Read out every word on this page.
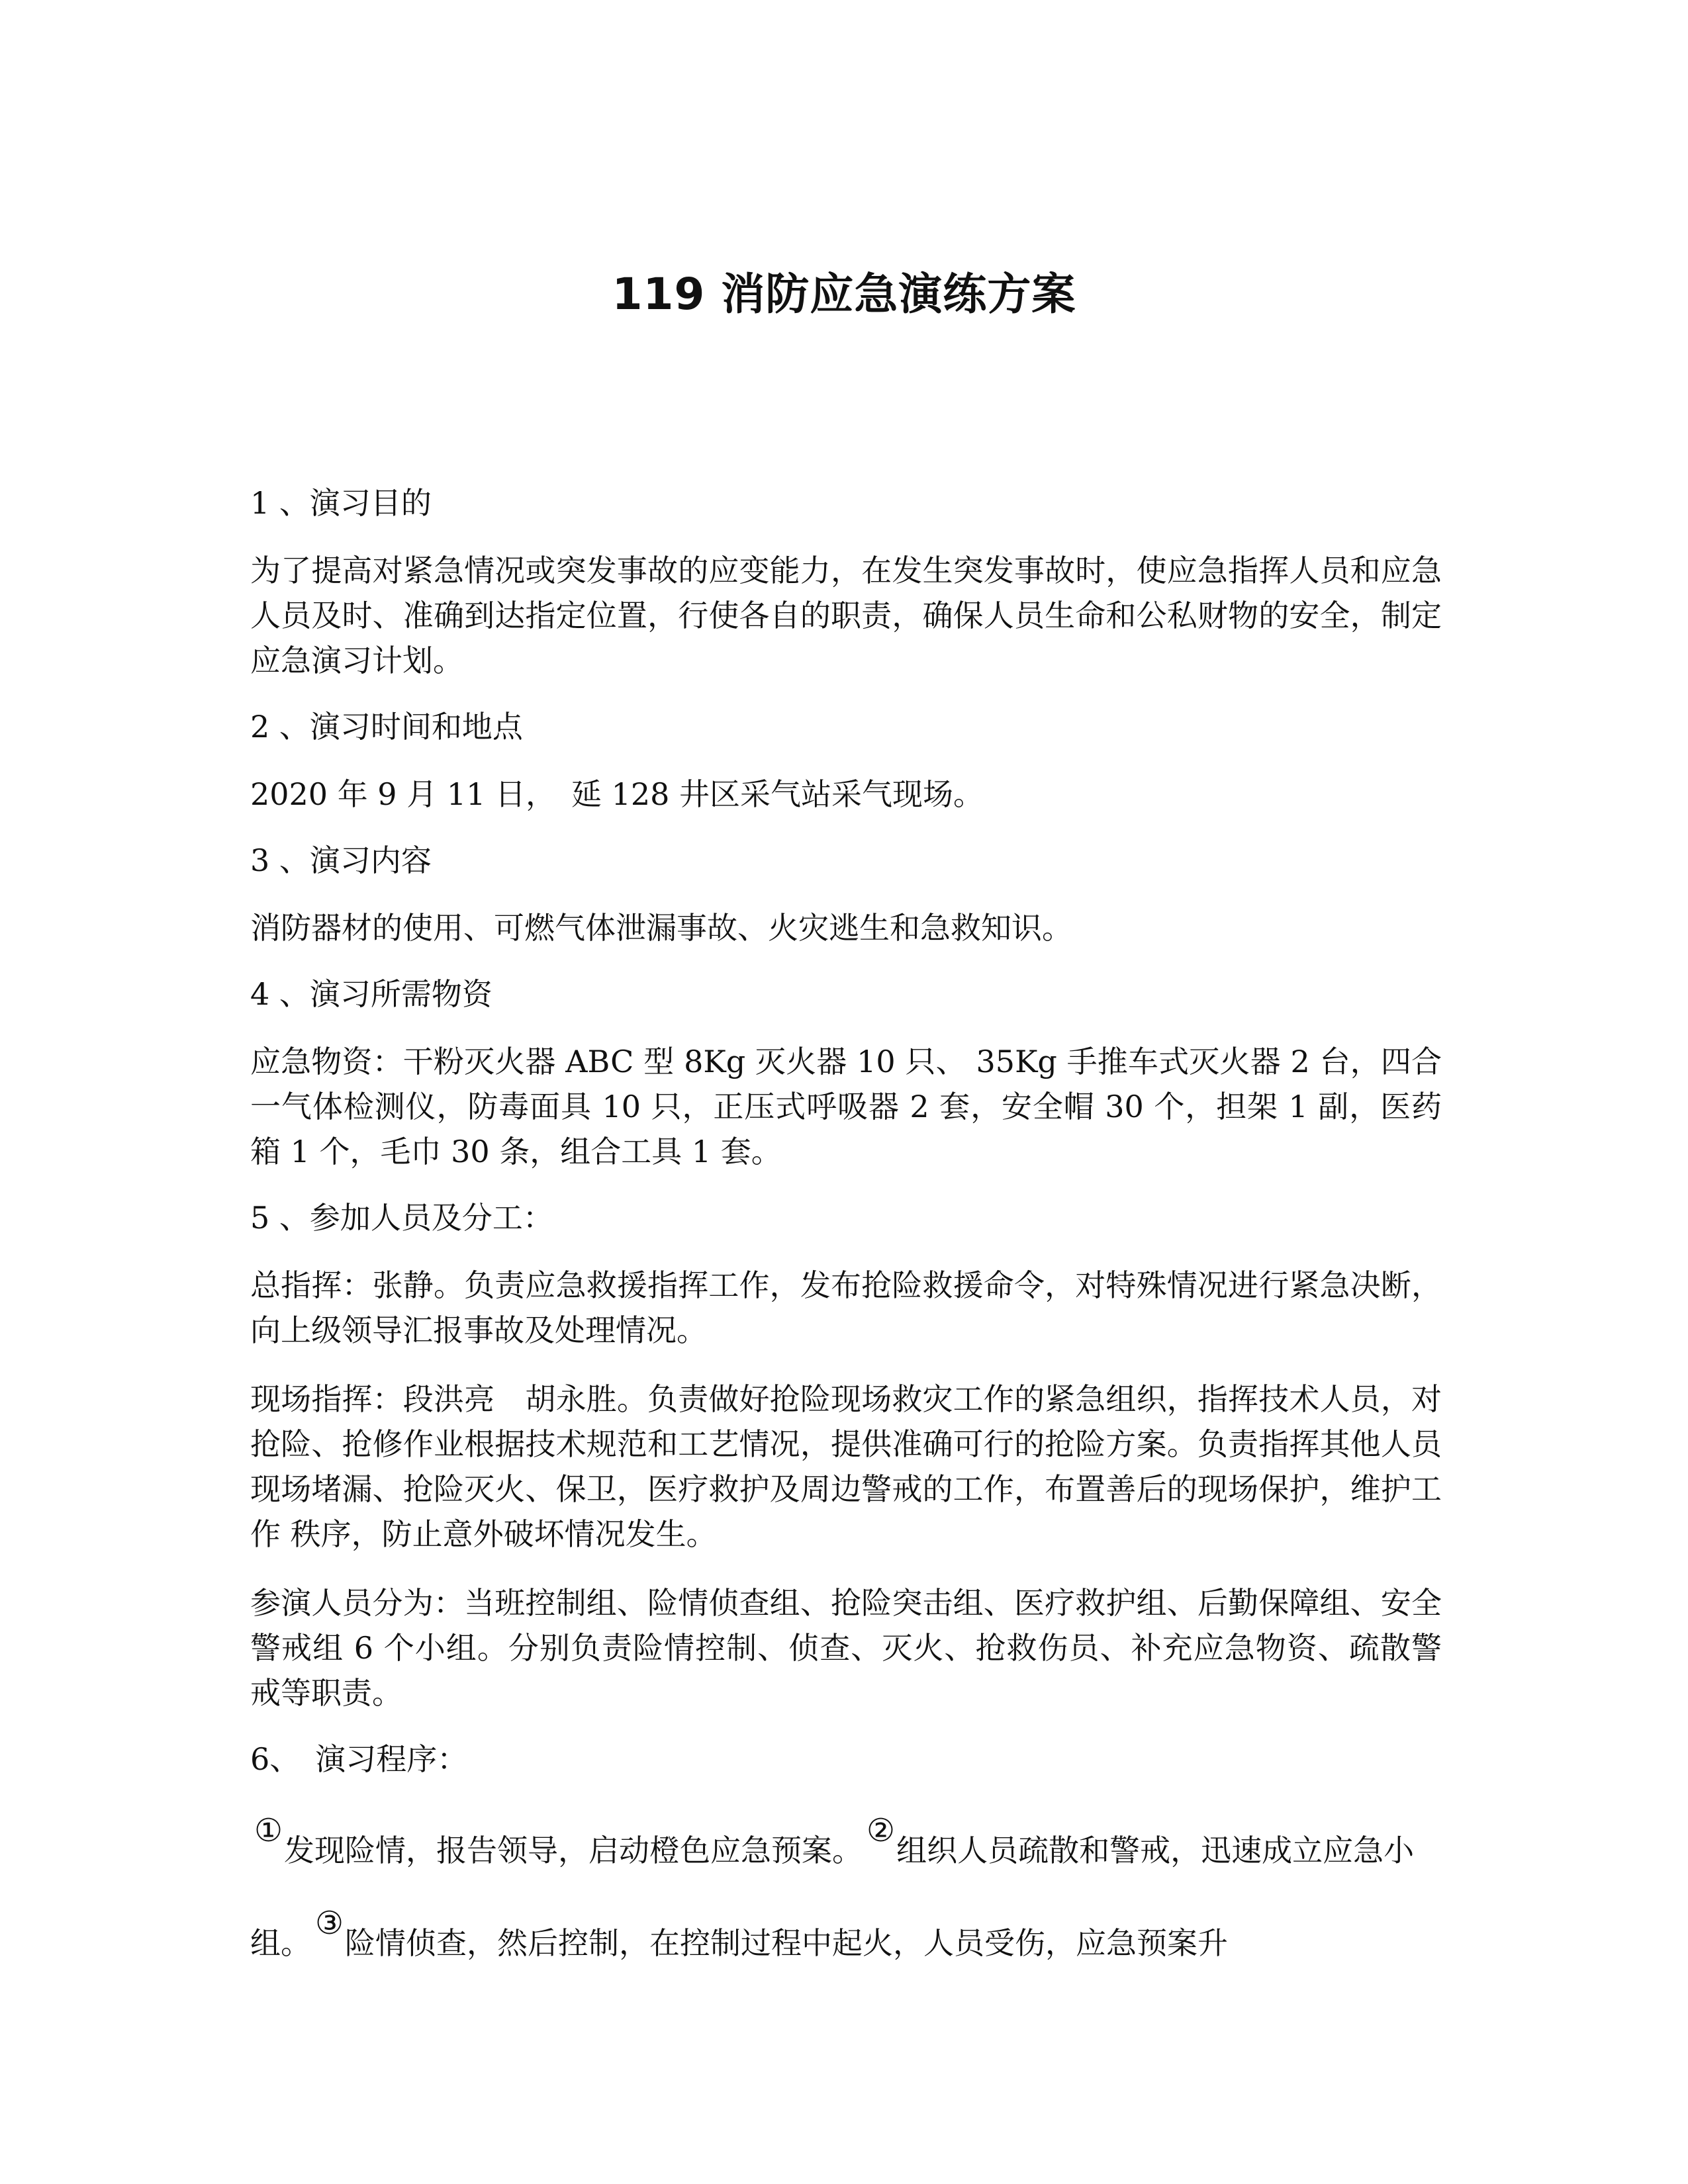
119 消防应急演练方案

1 、演习目的

为了提高对紧急情况或突发事故的应变能力，在发生突发事故时，使应急指挥人员和应急人员及时、准确到达指定位置，行使各自的职责，确保人员生命和公私财物的安全，制定应急演习计划。

2 、演习时间和地点

2020 年 9 月 11 日，　延 128 井区采气站采气现场。

3 、演习内容

消防器材的使用、可燃气体泄漏事故、火灾逃生和急救知识。

4 、演习所需物资

应急物资：干粉灭火器 ABC 型 8Kg 灭火器 10 只、 35Kg 手推车式灭火器 2 台，四合一气体检测仪，防毒面具 10 只，正压式呼吸器 2 套，安全帽 30 个，担架 1 副，医药箱 1 个，毛巾 30 条，组合工具 1 套。

5 、参加人员及分工：

总指挥：张静。负责应急救援指挥工作，发布抢险救援命令，对特殊情况进行紧急决断，向上级领导汇报事故及处理情况。

现场指挥：段洪亮　胡永胜。负责做好抢险现场救灾工作的紧急组织，指挥技术人员，对抢险、抢修作业根据技术规范和工艺情况，提供准确可行的抢险方案。负责指挥其他人员现场堵漏、抢险灭火、保卫，医疗救护及周边警戒的工作，布置善后的现场保护，维护工作 秩序，防止意外破坏情况发生。

参演人员分为：当班控制组、险情侦查组、抢险突击组、医疗救护组、后勤保障组、安全警戒组 6 个小组。分别负责险情控制、侦查、灭火、抢救伤员、补充应急物资、疏散警戒等职责。

6、　演习程序：

①发现险情，报告领导，启动橙色应急预案。②组织人员疏散和警戒，迅速成立应急小组。③险情侦查，然后控制，在控制过程中起火，人员受伤，应急预案升
